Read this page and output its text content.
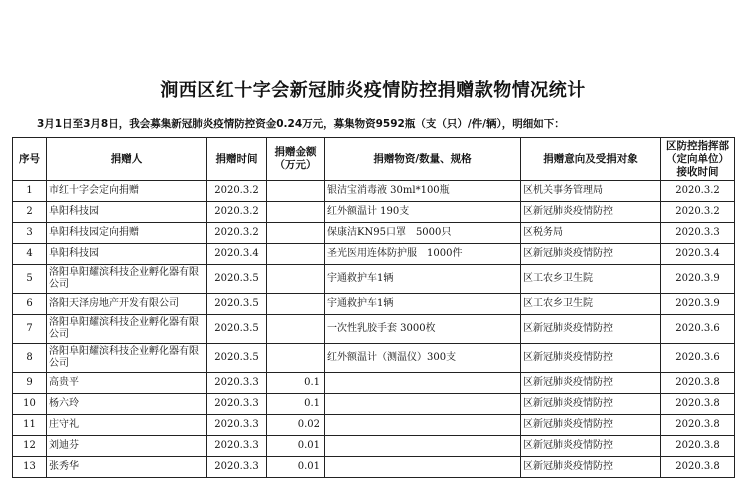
涧西区红十字会新冠肺炎疫情防控捐赠款物情况统计
3月1日至3月8日，我会募集新冠肺炎疫情防控资金0.24万元，募集物资9592瓶（支（只）/件/辆），明细如下：
序号	捐赠人	捐赠时间	捐赠金额（万元）	捐赠物资/数量、规格	捐赠意向及受捐对象	区防控指挥部（定向单位）接收时间
1	市红十字会定向捐赠	2020.3.2		银洁宝消毒液 30ml*100瓶	区机关事务管理局	2020.3.2
2	阜阳科技园	2020.3.2		红外额温计 190支	区新冠肺炎疫情防控	2020.3.2
3	阜阳科技园定向捐赠	2020.3.2		保康洁KN95口罩　5000只	区税务局	2020.3.3
4	阜阳科技园	2020.3.4		圣光医用连体防护服　1000件	区新冠肺炎疫情防控	2020.3.4
5	洛阳阜阳耀滨科技企业孵化器有限公司	2020.3.5		宇通救护车1辆	区工农乡卫生院	2020.3.9
6	洛阳天泽房地产开发有限公司	2020.3.5		宇通救护车1辆	区工农乡卫生院	2020.3.9
7	洛阳阜阳耀滨科技企业孵化器有限公司	2020.3.5		一次性乳胶手套 3000枚	区新冠肺炎疫情防控	2020.3.6
8	洛阳阜阳耀滨科技企业孵化器有限公司	2020.3.5		红外额温计（测温仪）300支	区新冠肺炎疫情防控	2020.3.6
9	高贵平	2020.3.3	0.1		区新冠肺炎疫情防控	2020.3.8
10	杨六玲	2020.3.3	0.1		区新冠肺炎疫情防控	2020.3.8
11	庄守礼	2020.3.3	0.02		区新冠肺炎疫情防控	2020.3.8
12	刘迪芬	2020.3.3	0.01		区新冠肺炎疫情防控	2020.3.8
13	张秀华	2020.3.3	0.01		区新冠肺炎疫情防控	2020.3.8
